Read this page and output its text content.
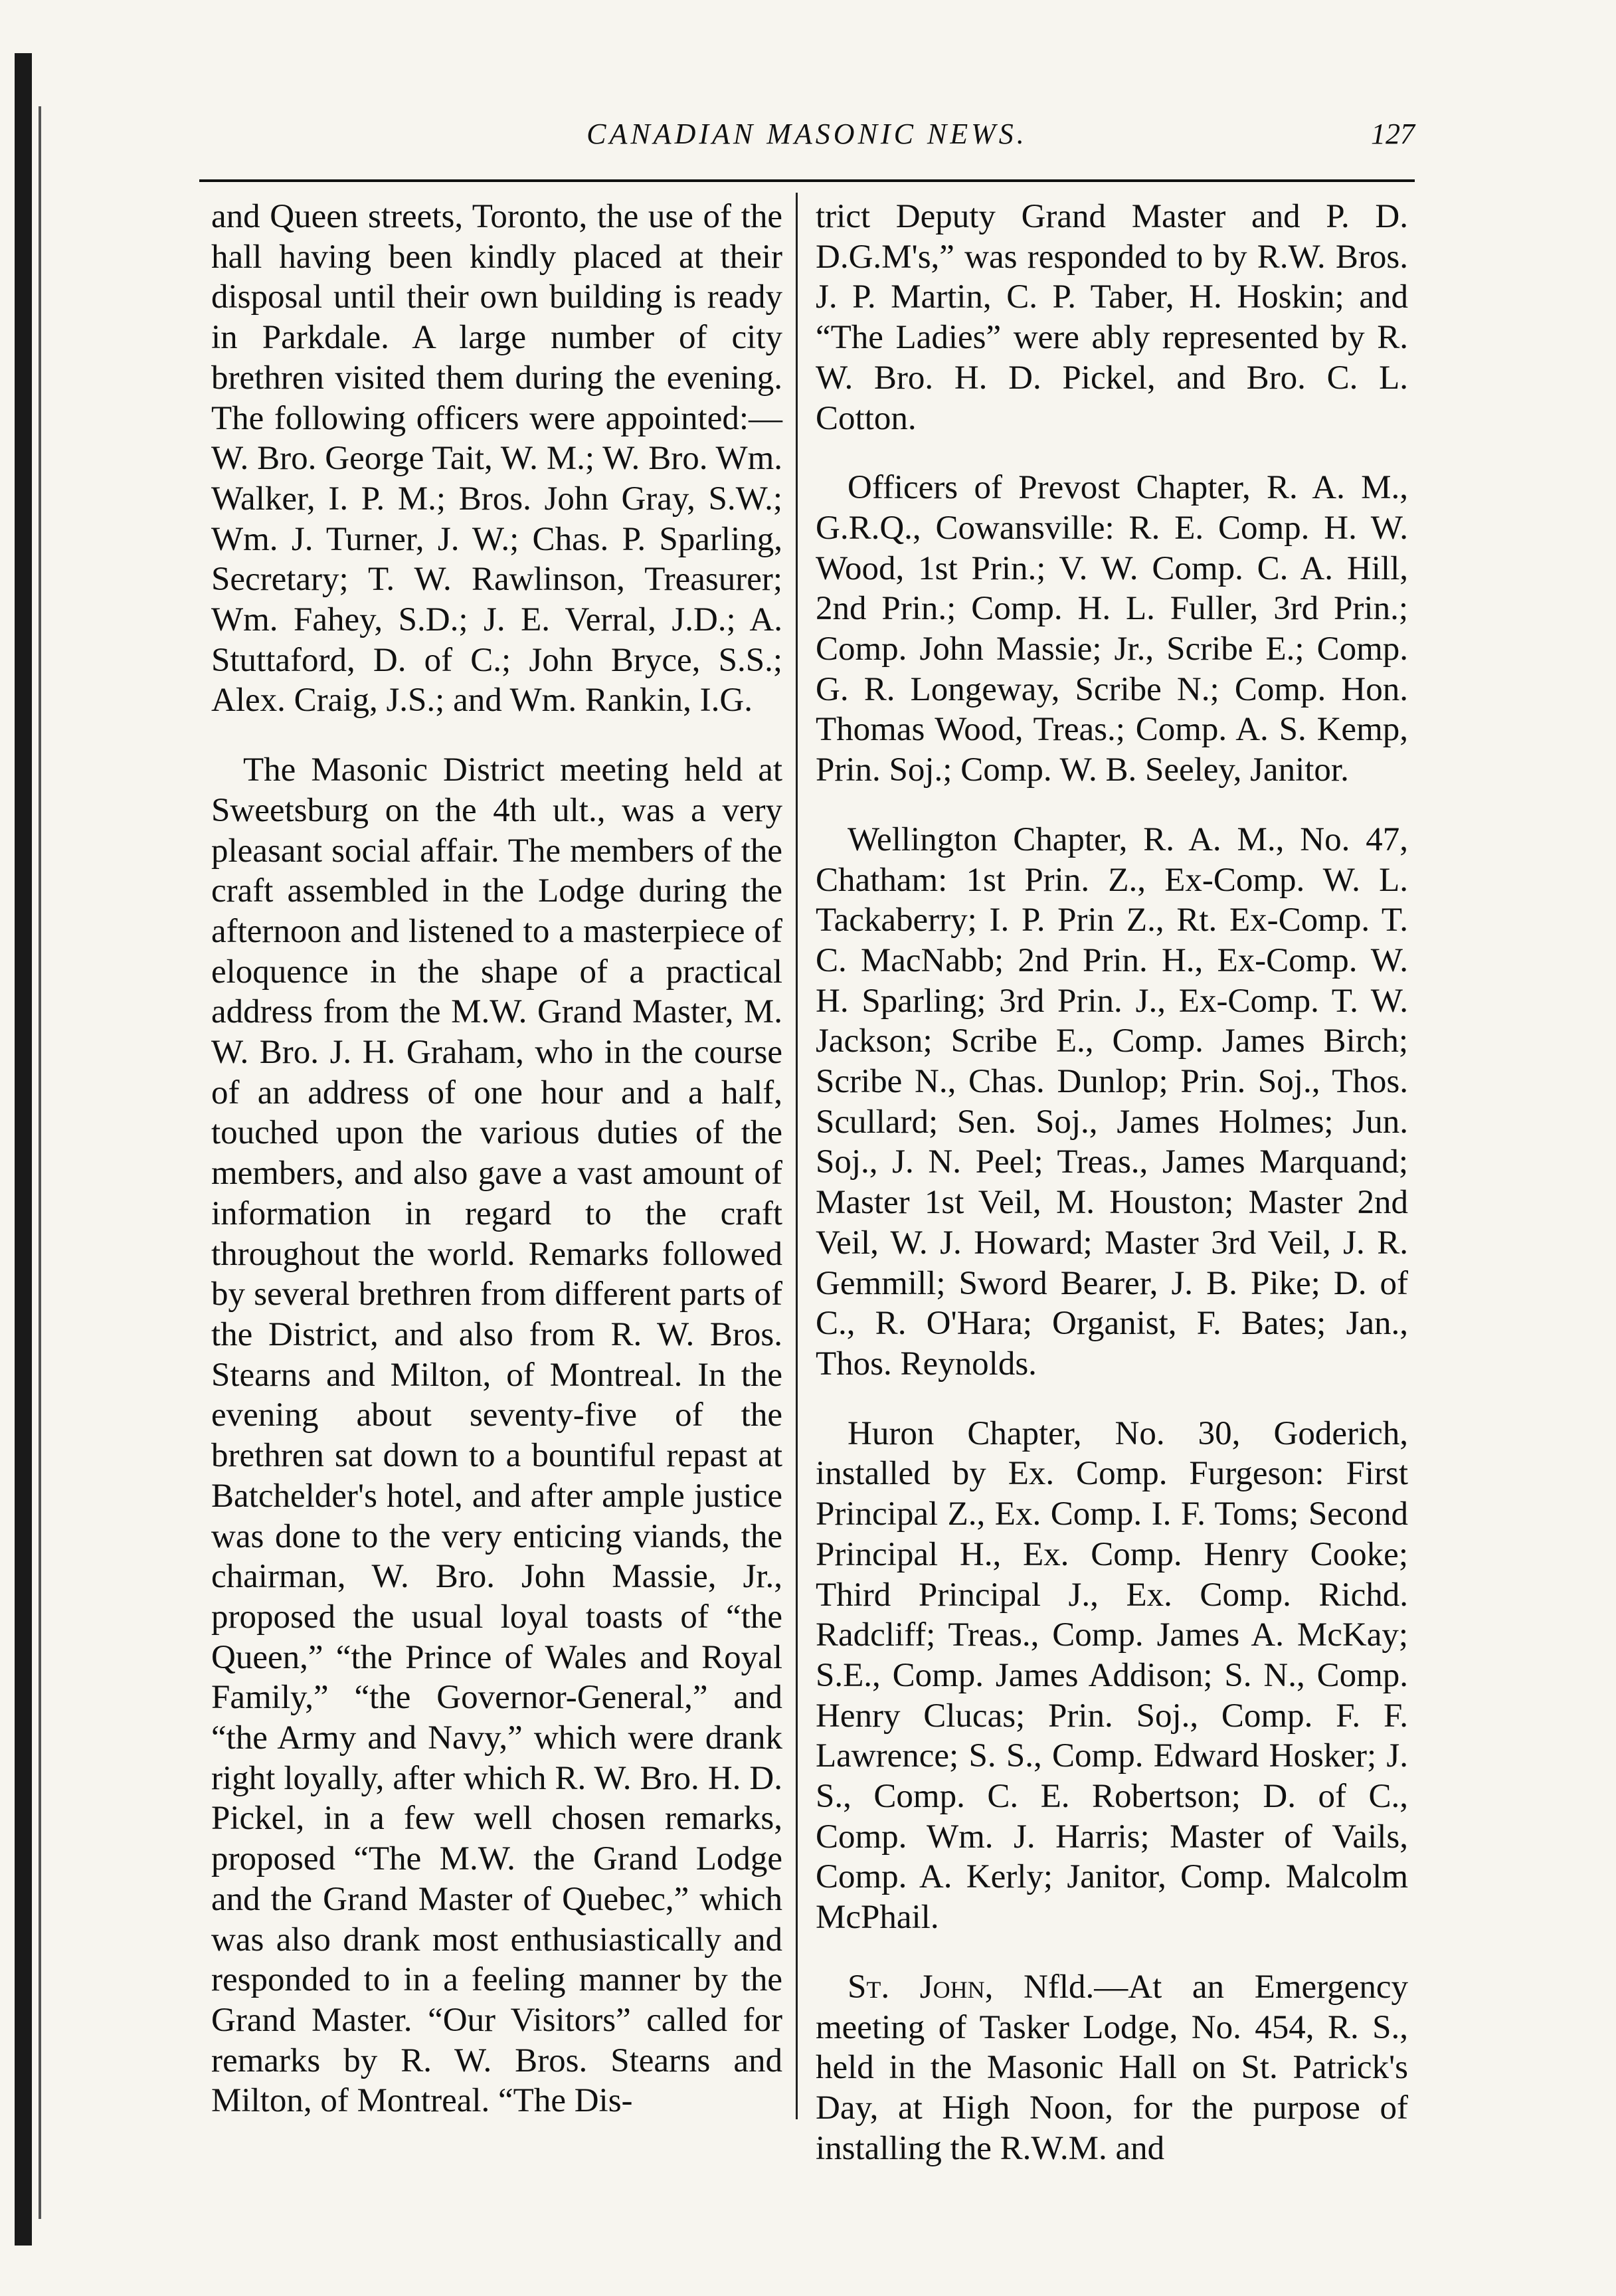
CANADIAN MASONIC NEWS.	127

and Queen streets, Toronto, the use of the hall having been kindly placed at their disposal until their own building is ready in Parkdale. A large number of city brethren visited them during the evening. The following officers were appointed:—W. Bro. George Tait, W. M.; W. Bro. Wm. Walker, I. P. M.; Bros. John Gray, S.W.; Wm. J. Turner, J. W.; Chas. P. Sparling, Secretary; T. W. Rawlinson, Treasurer; Wm. Fahey, S.D.; J. E. Verral, J.D.; A. Stuttaford, D. of C.; John Bryce, S.S.; Alex. Craig, J.S.; and Wm. Rankin, I.G.

The Masonic District meeting held at Sweetsburg on the 4th ult., was a very pleasant social affair. The members of the craft assembled in the Lodge during the afternoon and listened to a masterpiece of eloquence in the shape of a practical address from the M.W. Grand Master, M. W. Bro. J. H. Graham, who in the course of an address of one hour and a half, touched upon the various duties of the members, and also gave a vast amount of information in regard to the craft throughout the world. Remarks followed by several brethren from different parts of the District, and also from R. W. Bros. Stearns and Milton, of Montreal. In the evening about seventy-five of the brethren sat down to a bountiful repast at Batchelder's hotel, and after ample justice was done to the very enticing viands, the chairman, W. Bro. John Massie, Jr., proposed the usual loyal toasts of “the Queen,” “the Prince of Wales and Royal Family,” “the Governor-General,” and “the Army and Navy,” which were drank right loyally, after which R. W. Bro. H. D. Pickel, in a few well chosen remarks, proposed “The M.W. the Grand Lodge and the Grand Master of Quebec,” which was also drank most enthusiastically and responded to in a feeling manner by the Grand Master. “Our Visitors” called for remarks by R. W. Bros. Stearns and Milton, of Montreal. “The Dis-

trict Deputy Grand Master and P. D. D.G.M's,” was responded to by R.W. Bros. J. P. Martin, C. P. Taber, H. Hoskin; and “The Ladies” were ably represented by R. W. Bro. H. D. Pickel, and Bro. C. L. Cotton.

Officers of Prevost Chapter, R. A. M., G.R.Q., Cowansville: R. E. Comp. H. W. Wood, 1st Prin.; V. W. Comp. C. A. Hill, 2nd Prin.; Comp. H. L. Fuller, 3rd Prin.; Comp. John Massie; Jr., Scribe E.; Comp. G. R. Longeway, Scribe N.; Comp. Hon. Thomas Wood, Treas.; Comp. A. S. Kemp, Prin. Soj.; Comp. W. B. Seeley, Janitor.

Wellington Chapter, R. A. M., No. 47, Chatham: 1st Prin. Z., Ex-Comp. W. L. Tackaberry; I. P. Prin Z., Rt. Ex-Comp. T. C. MacNabb; 2nd Prin. H., Ex-Comp. W. H. Sparling; 3rd Prin. J., Ex-Comp. T. W. Jackson; Scribe E., Comp. James Birch; Scribe N., Chas. Dunlop; Prin. Soj., Thos. Scullard; Sen. Soj., James Holmes; Jun. Soj., J. N. Peel; Treas., James Marquand; Master 1st Veil, M. Houston; Master 2nd Veil, W. J. Howard; Master 3rd Veil, J. R. Gemmill; Sword Bearer, J. B. Pike; D. of C., R. O'Hara; Organist, F. Bates; Jan., Thos. Reynolds.

Huron Chapter, No. 30, Goderich, installed by Ex. Comp. Furgeson: First Principal Z., Ex. Comp. I. F. Toms; Second Principal H., Ex. Comp. Henry Cooke; Third Principal J., Ex. Comp. Richd. Radcliff; Treas., Comp. James A. McKay; S.E., Comp. James Addison; S. N., Comp. Henry Clucas; Prin. Soj., Comp. F. F. Lawrence; S. S., Comp. Edward Hosker; J. S., Comp. C. E. Robertson; D. of C., Comp. Wm. J. Harris; Master of Vails, Comp. A. Kerly; Janitor, Comp. Malcolm McPhail.

St. John, Nfld.—At an Emergency meeting of Tasker Lodge, No. 454, R. S., held in the Masonic Hall on St. Patrick's Day, at High Noon, for the purpose of installing the R.W.M. and
